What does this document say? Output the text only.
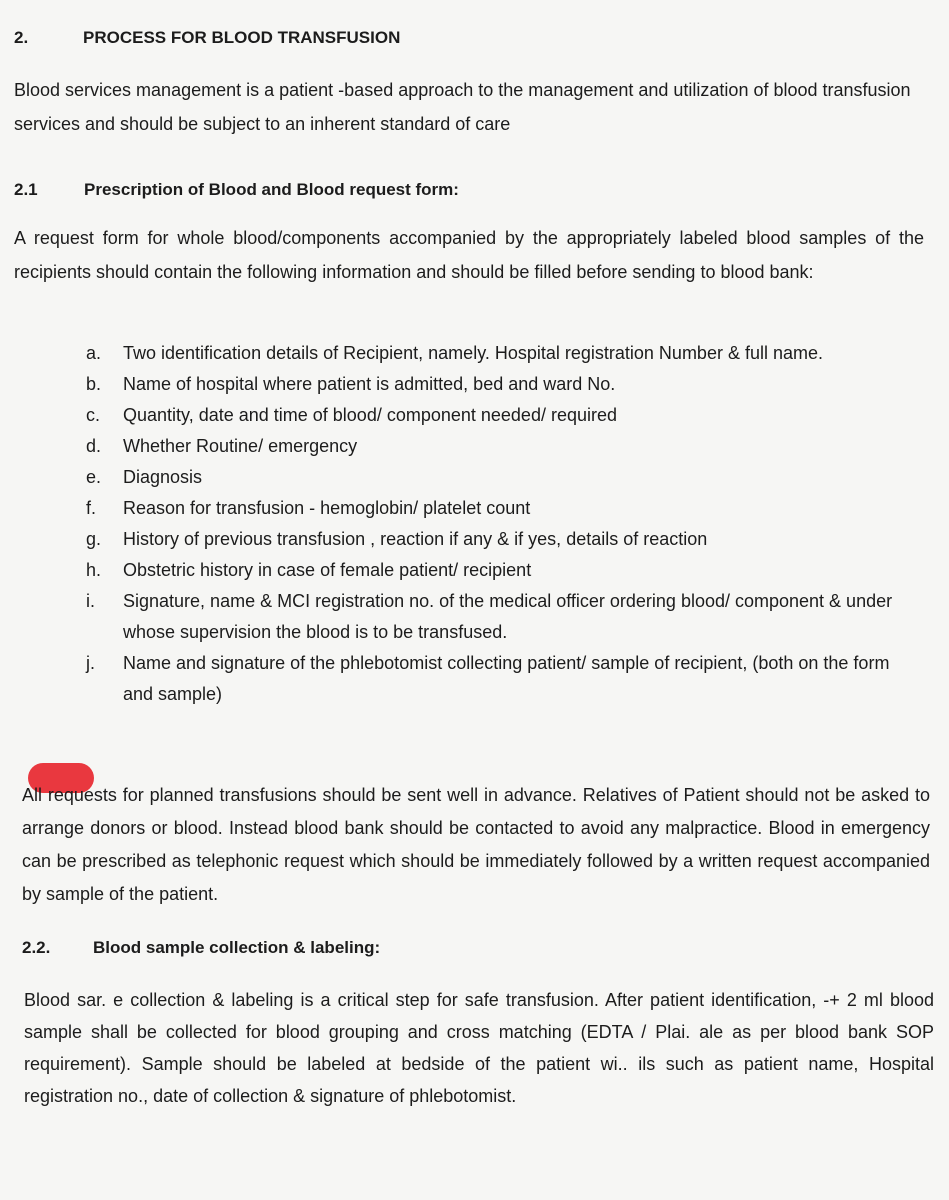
2.	PROCESS FOR BLOOD TRANSFUSION

Blood services management is a patient -based approach to the management and utilization of blood transfusion services and should be subject to an inherent standard of care

2.1	Prescription of Blood and Blood request form:

A request form for whole blood/components accompanied by the appropriately labeled blood samples of the recipients should contain the following information and should be filled before sending to blood bank:

a.	Two identification details of Recipient, namely. Hospital registration Number & full name.
b.	Name of hospital where patient is admitted, bed and ward No.
c.	Quantity, date and time of blood/ component needed/ required
d.	Whether Routine/ emergency
e.	Diagnosis
f.	Reason for transfusion - hemoglobin/ platelet count
g.	History of previous transfusion , reaction if any & if yes, details of reaction
h.	Obstetric history in case of female patient/ recipient
i.	Signature, name & MCI registration no. of the medical officer ordering blood/ component & under whose supervision the blood is to be transfused.
j.	Name and signature of the phlebotomist collecting patient/ sample of recipient, (both on the form and sample)

All requests for planned transfusions should be sent well in advance. Relatives of Patient should not be asked to arrange donors or blood. Instead blood bank should be contacted to avoid any malpractice. Blood in emergency can be prescribed as telephonic request which should be immediately followed by a written request accompanied by sample of the patient.

2.2.	Blood sample collection & labeling:

Blood sar. e collection & labeling is a critical step for safe transfusion. After patient identification, -+ 2 ml blood sample shall be collected for blood grouping and cross matching (EDTA / Plai. ale as per blood bank SOP requirement). Sample should be labeled at bedside of the patient wi.. ils such as patient name, Hospital registration no., date of collection & signature of phlebotomist.
